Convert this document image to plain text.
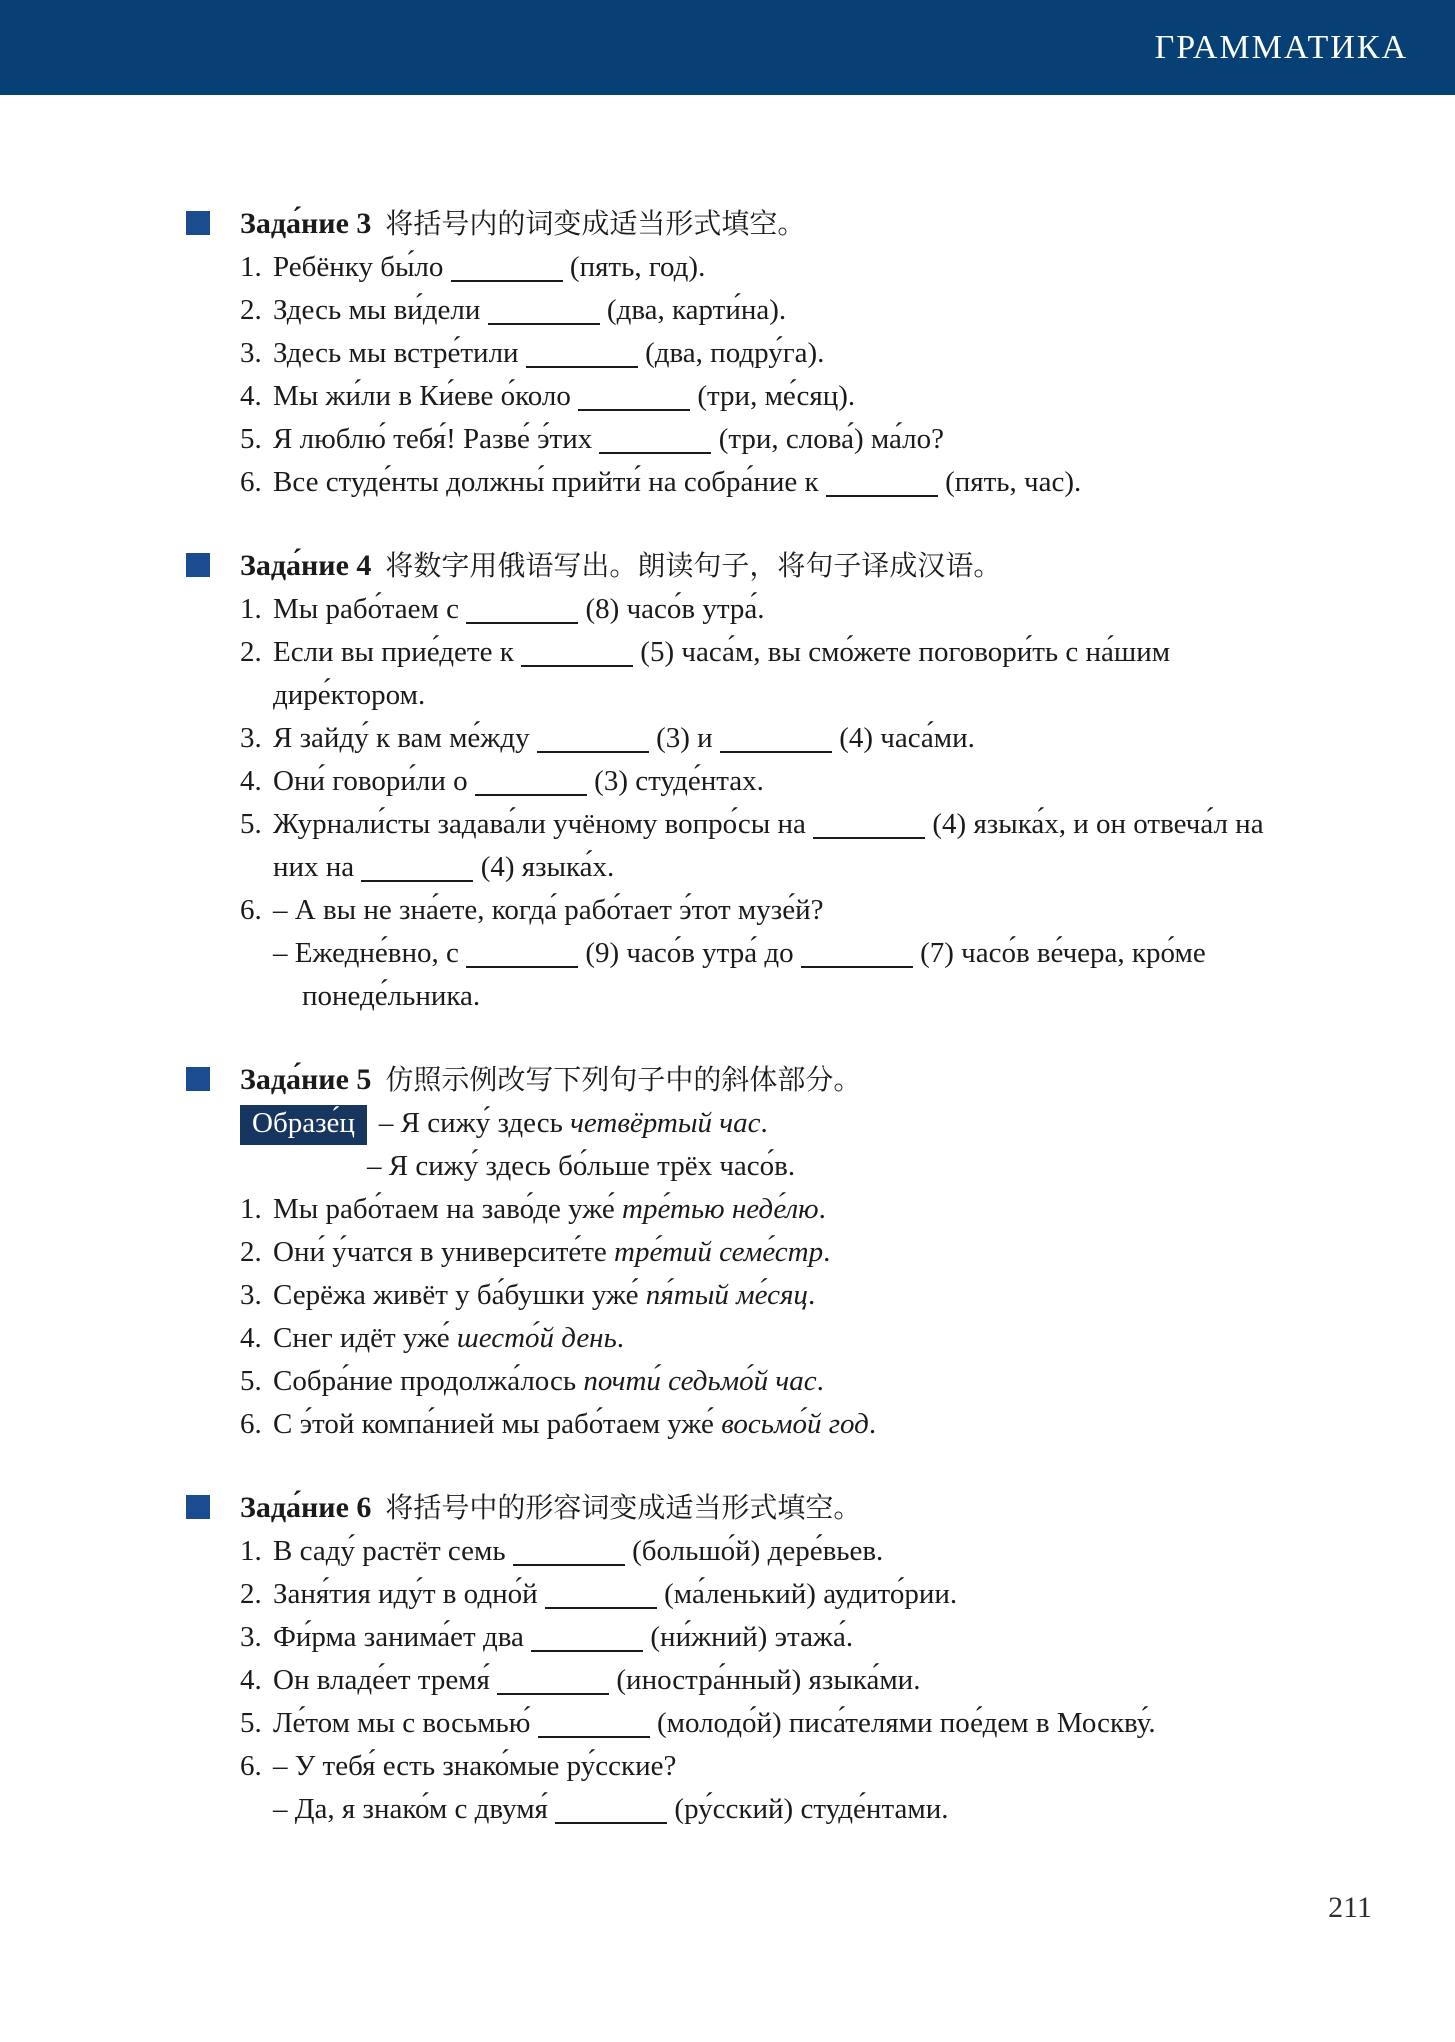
ГРАММАТИКА
Зада́ние 3 将括号内的词变成适当形式填空。
1. Ребёнку бы́ло	(пять, год).
2. Здесь мы ви́дели	(два, карти́на).
3. Здесь мы встре́тили	(два, подру́га).
4. Мы жи́ли в Ки́еве о́коло	(три, ме́сяц).
5. Я люблю́ тебя́! Разве́ э́тих	(три, слова́) ма́ло?
6. Все студе́нты должны́ прийти́ на собра́ние к	(пять, час).
Зада́ние 4 将数字用俄语写出。朗读句子，将句子译成汉语。
1. Мы рабо́таем с	(8) часо́в утра́.
2. Если вы прие́дете к	(5) часа́м, вы смо́жете поговори́ть с на́шим
дире́ктором.
3. Я зайду́ к вам ме́жду	(3) и	(4) часа́ми.
4. Они́ говори́ли о	(3) студе́нтах.
5. Журнали́сты задава́ли учёному вопро́сы на	(4) языка́х, и он отвеча́л на
них на	(4) языка́х.
6. – А вы не зна́ете, когда́ рабо́тает э́тот музе́й?
– Ежедне́вно, с	(9) часо́в утра́ до	(7) часо́в ве́чера, кро́ме
понеде́льника.
Зада́ние 5 仿照示例改写下列句子中的斜体部分。
Образе́ц – Я сижу́ здесь четвёртый час.
– Я сижу́ здесь бо́льше трёх часо́в.
1. Мы рабо́таем на заво́де уже́ тре́тью неде́лю.
2. Они́ у́чатся в университе́те тре́тий семе́стр.
3. Серёжа живёт у ба́бушки уже́ пя́тый ме́сяц.
4. Снег идёт уже́ шесто́й день.
5. Собра́ние продолжа́лось почти́ седьмо́й час.
6. С э́той компа́нией мы рабо́таем уже́ восьмо́й год.
Зада́ние 6 将括号中的形容词变成适当形式填空。
1. В саду́ растёт семь	(большо́й) дере́вьев.
2. Заня́тия иду́т в одно́й	(ма́ленький) аудито́рии.
3. Фи́рма занима́ет два	(ни́жний) этажа́.
4. Он владе́ет тремя́	(иностра́нный) языка́ми.
5. Ле́том мы с восьмью́	(молодо́й) писа́телями пое́дем в Москву́.
6. – У тебя́ есть знако́мые ру́сские?
– Да, я знако́м с двумя́	(ру́сский) студе́нтами.
211
